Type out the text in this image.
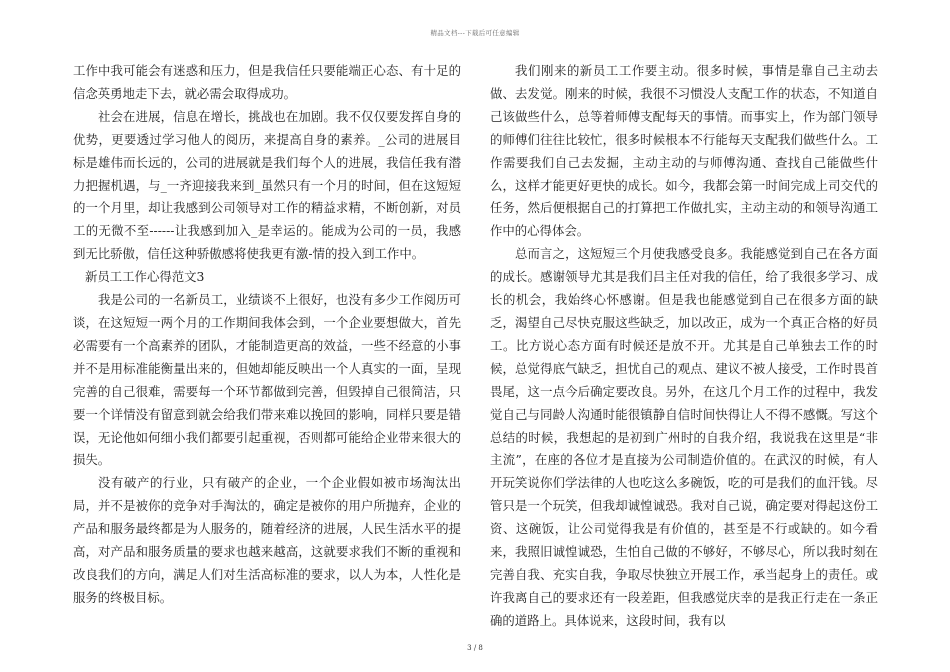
精品文档---下载后可任意编辑

工作中我可能会有迷惑和压力，但是我信任只要能端正心态、有十足的信念英勇地走下去，就必需会取得成功。

社会在进展，信息在增长，挑战也在加剧。我不仅仅要发挥自身的优势，更要透过学习他人的阅历，来提高自身的素养。_公司的进展目标是雄伟而长远的，公司的进展就是我们每个人的进展，我信任我有潜力把握机遇，与_一齐迎接我来到_虽然只有一个月的时间，但在这短短的一个月里，却让我感到公司领导对工作的精益求精，不断创新，对员工的无微不至------让我感到加入_是幸运的。能成为公司的一员，我感到无比骄傲，信任这种骄傲感将使我更有激-情的投入到工作中。

新员工工作心得范文3

我是公司的一名新员工，业绩谈不上很好，也没有多少工作阅历可谈，在这短短一两个月的工作期间我体会到，一个企业要想做大，首先必需要有一个高素养的团队，才能制造更高的效益，一些不经意的小事并不是用标准能衡量出来的，但她却能反映出一个人真实的一面，呈现完善的自己很难，需要每一个环节都做到完善，但毁掉自己很简洁，只要一个详情没有留意到就会给我们带来难以挽回的影响，同样只要是错误，无论他如何细小我们都要引起重视，否则都可能给企业带来很大的损失。

没有破产的行业，只有破产的企业，一个企业假如被市场淘汰出局，并不是被你的竞争对手淘汰的，确定是被你的用户所抛弃，企业的产品和服务最终都是为人服务的，随着经济的进展，人民生活水平的提高，对产品和服务质量的要求也越来越高，这就要求我们不断的重视和改良我们的方向，满足人们对生活高标准的要求，以人为本，人性化是服务的终极目标。

我们刚来的新员工工作要主动。很多时候，事情是靠自己主动去做、去发觉。刚来的时候，我很不习惯没人支配工作的状态，不知道自己该做些什么，总等着师傅支配每天的事情。而事实上，作为部门领导的师傅们往往比较忙，很多时候根本不行能每天支配我们做些什么。工作需要我们自己去发掘，主动主动的与师傅沟通、查找自己能做些什么，这样才能更好更快的成长。如今，我都会第一时间完成上司交代的任务，然后便根据自己的打算把工作做扎实，主动主动的和领导沟通工作中的心得体会。

总而言之，这短短三个月使我感受良多。我能感觉到自己在各方面的成长。感谢领导尤其是我们吕主任对我的信任，给了我很多学习、成长的机会，我始终心怀感谢。但是我也能感觉到自己在很多方面的缺乏，渴望自己尽快克服这些缺乏，加以改正，成为一个真正合格的好员工。比方说心态方面有时候还是放不开。尤其是自己单独去工作的时候，总觉得底气缺乏，担忧自己的观点、建议不被人接受，工作时畏首畏尾，这一点今后确定要改良。另外，在这几个月工作的过程中，我发觉自己与同龄人沟通时能很镇静自信时间快得让人不得不感慨。写这个总结的时候，我想起的是初到广州时的自我介绍，我说我在这里是“非主流”，在座的各位才是直接为公司制造价值的。在武汉的时候，有人开玩笑说你们学法律的人也吃这么多碗饭，吃的可是我们的血汗钱。尽管只是一个玩笑，但我却诚惶诚恐。我对自己说，确定要对得起这份工资、这碗饭，让公司觉得我是有价值的，甚至是不行或缺的。如今看来，我照旧诚惶诚恐，生怕自己做的不够好，不够尽心，所以我时刻在完善自我、充实自我，争取尽快独立开展工作，承当起身上的责任。或许我离自己的要求还有一段差距，但我感觉庆幸的是我正行走在一条正确的道路上。具体说来，这段时间，我有以

3 / 8
